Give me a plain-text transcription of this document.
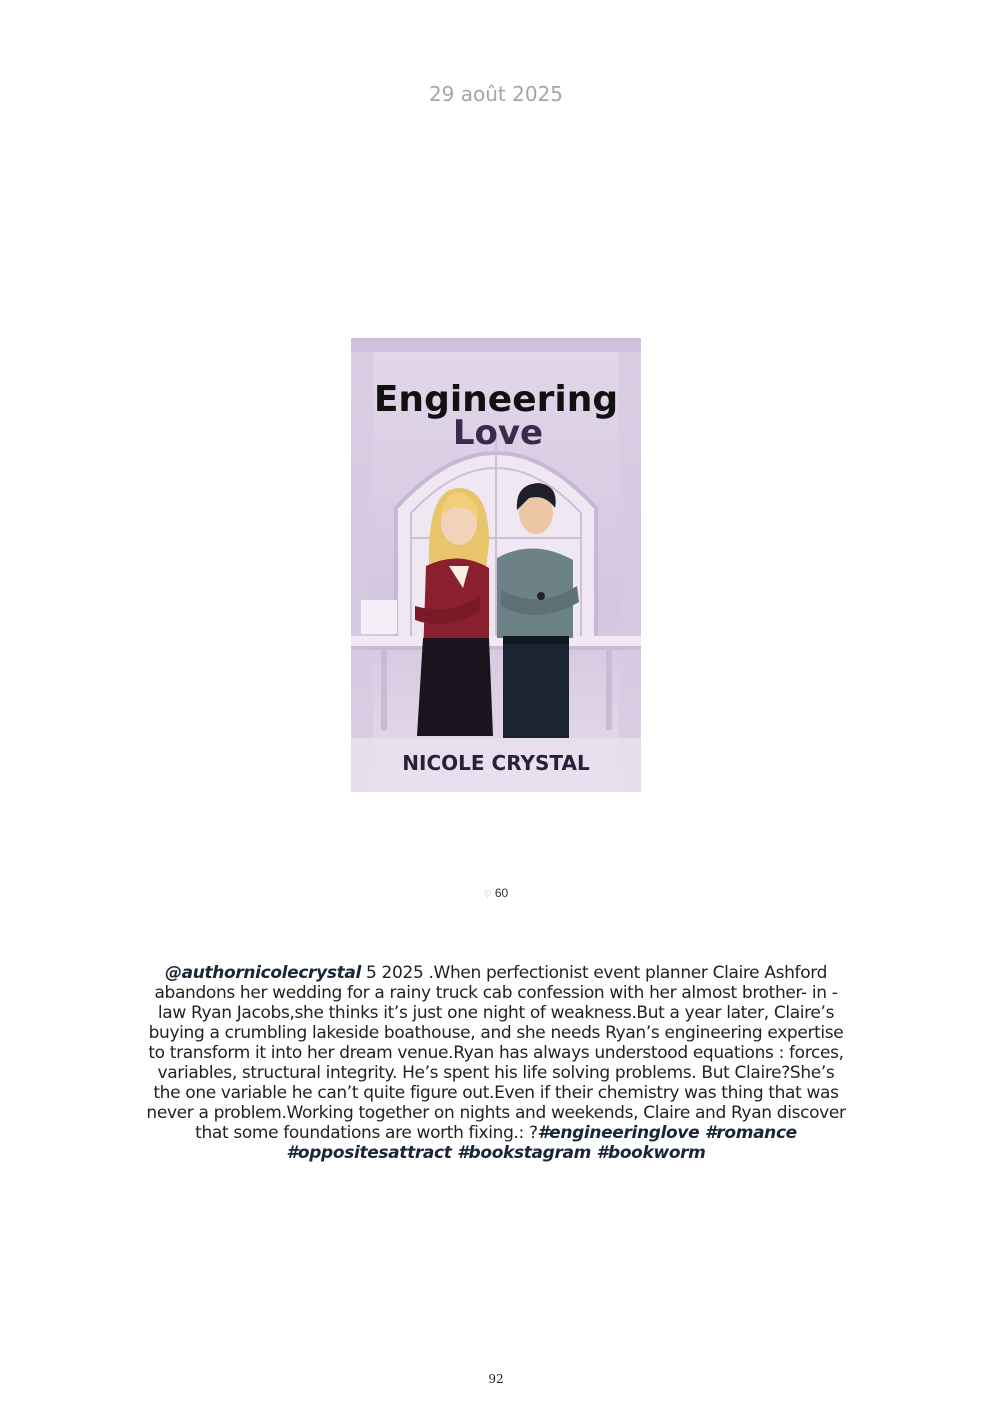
29 août 2025
Engineering
Love
NICOLE CRYSTAL
♡ 60
@authornicolecrystal 5 2025 .When perfectionist event planner Claire Ashford abandons her wedding for a rainy truck cab confession with her almost brother- in -law Ryan Jacobs,she thinks it’s just one night of weakness.But a year later, Claire’s buying a crumbling lakeside boathouse, and she needs Ryan’s engineering expertise to transform it into her dream venue.Ryan has always understood equations : forces, variables, structural integrity. He’s spent his life solving problems. But Claire?She’s the one variable he can’t quite figure out.Even if their chemistry was thing that was never a problem.Working together on nights and weekends, Claire and Ryan discover that some foundations are worth fixing.: ?#engineeringlove #romance #oppositesattract #bookstagram #bookworm
92
